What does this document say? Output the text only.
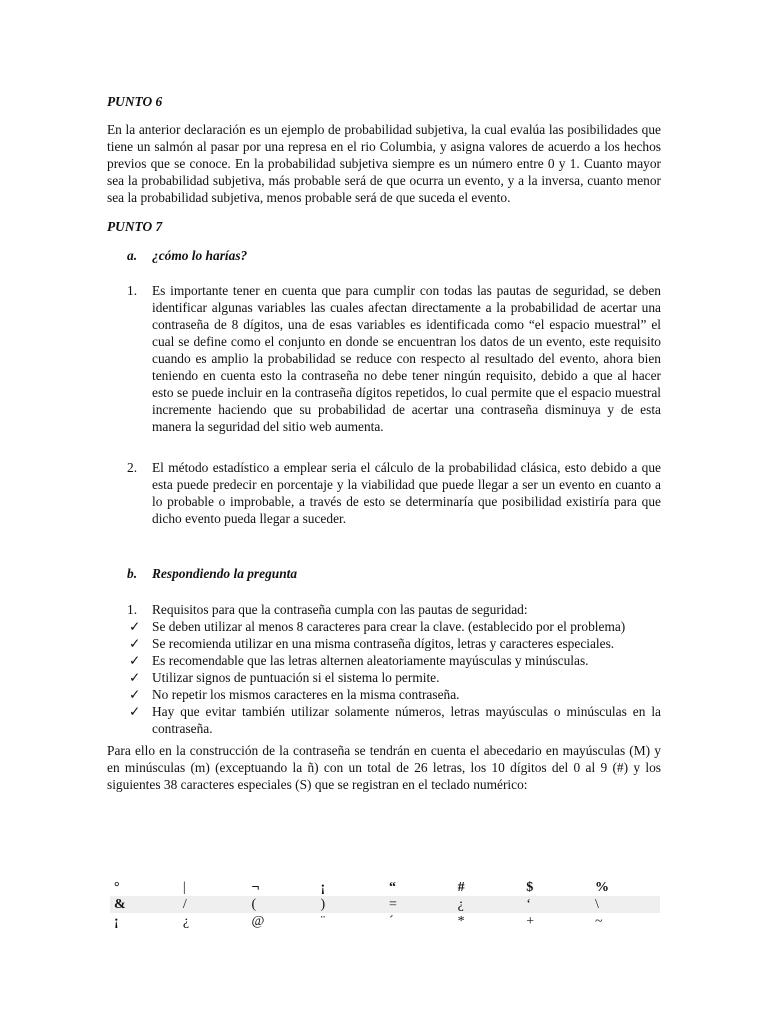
PUNTO 6

En la anterior declaración es un ejemplo de probabilidad subjetiva, la cual evalúa las posibilidades que tiene un salmón al pasar por una represa en el rio Columbia, y asigna valores de acuerdo a los hechos previos que se conoce. En la probabilidad subjetiva siempre es un número entre 0 y 1. Cuanto mayor sea la probabilidad subjetiva, más probable será de que ocurra un evento, y a la inversa, cuanto menor sea la probabilidad subjetiva, menos probable será de que suceda el evento.

PUNTO 7
a. ¿cómo lo harías?
1. Es importante tener en cuenta que para cumplir con todas las pautas de seguridad, se deben identificar algunas variables las cuales afectan directamente a la probabilidad de acertar una contraseña de 8 dígitos, una de esas variables es identificada como “el espacio muestral” el cual se define como el conjunto en donde se encuentran los datos de un evento, este requisito cuando es amplio la probabilidad se reduce con respecto al resultado del evento, ahora bien teniendo en cuenta esto la contraseña no debe tener ningún requisito, debido a que al hacer esto se puede incluir en la contraseña dígitos repetidos, lo cual permite que el espacio muestral incremente haciendo que su probabilidad de acertar una contraseña disminuya y de esta manera la seguridad del sitio web aumenta.
2. El método estadístico a emplear seria el cálculo de la probabilidad clásica, esto debido a que esta puede predecir en porcentaje y la viabilidad que puede llegar a ser un evento en cuanto a lo probable o improbable, a través de esto se determinaría que posibilidad existiría para que dicho evento pueda llegar a suceder.
b. Respondiendo la pregunta
1. Requisitos para que la contraseña cumpla con las pautas de seguridad:
✓ Se deben utilizar al menos 8 caracteres para crear la clave. (establecido por el problema)
✓ Se recomienda utilizar en una misma contraseña dígitos, letras y caracteres especiales.
✓ Es recomendable que las letras alternen aleatoriamente mayúsculas y minúsculas.
✓ Utilizar signos de puntuación si el sistema lo permite.
✓ No repetir los mismos caracteres en la misma contraseña.
✓ Hay que evitar también utilizar solamente números, letras mayúsculas o minúsculas en la contraseña.

Para ello en la construcción de la contraseña se tendrán en cuenta el abecedario en mayúsculas (M) y en minúsculas (m) (exceptuando la ñ) con un total de 26 letras, los 10 dígitos del 0 al 9 (#) y los siguientes 38 caracteres especiales (S) que se registran en el teclado numérico:

°	|	¬	¡	“	#	$	%
&	/	(	)	=	¿	‘	\
¡	¿	@	¨	´	*	+	~
